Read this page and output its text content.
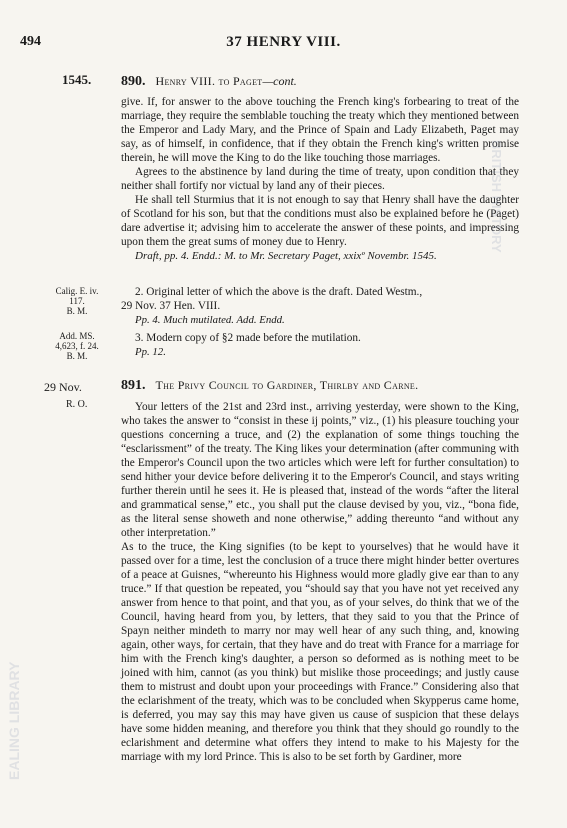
494	37 HENRY VIII.
1545. 890. Henry VIII. to Paget—cont.

give. If, for answer to the above touching the French king's forbearing to treat of the marriage, they require the semblable touching the treaty which they mentioned between the Emperor and Lady Mary, and the Prince of Spain and Lady Elizabeth, Paget may say, as of himself, in confidence, that if they obtain the French king's written promise therein, he will move the King to do the like touching those marriages.

Agrees to the abstinence by land during the time of treaty, upon condition that they neither shall fortify nor victual by land any of their pieces.

He shall tell Sturmius that it is not enough to say that Henry shall have the daughter of Scotland for his son, but that the conditions must also be explained before he (Paget) dare advertise it; advising him to accelerate the answer of these points, and impressing upon them the great sums of money due to Henry.

Draft, pp. 4. Endd.: M. to Mr. Secretary Paget, xxixº Novembr. 1545.

Calig. E. iv.
117.
B. M.
2. Original letter of which the above is the draft. Dated Westm.,
29 Nov. 37 Hen. VIII.
Pp. 4. Much mutilated. Add. Endd.
Add. MS.
4,623, f. 24.
B. M.
3. Modern copy of §2 made before the mutilation.
Pp. 12.
29 Nov.
R. O.
891. The Privy Council to Gardiner, Thirlby and Carne.

Your letters of the 21st and 23rd inst., arriving yesterday, were shown to the King, who takes the answer to “consist in these ij points,” viz., (1) his pleasure touching your questions concerning a truce, and (2) the explanation of some things touching the “esclarissment” of the treaty. The King likes your determination (after communing with the Emperor's Council upon the two articles which were left for further consultation) to send hither your device before delivering it to the Emperor's Council, and stays writing further therein until he sees it. He is pleased that, instead of the words “after the literal and grammatical sense,” etc., you shall put the clause devised by you, viz., “bona fide, as the literal sense showeth and none otherwise,” adding thereunto “and without any other interpretation.”

As to the truce, the King signifies (to be kept to yourselves) that he would have it passed over for a time, lest the conclusion of a truce there might hinder better overtures of a peace at Guisnes, “whereunto his Highness would more gladly give ear than to any truce.” If that question be repeated, you “should say that you have not yet received any answer from hence to that point, and that you, as of your selves, do think that we of the Council, having heard from you, by letters, that they said to you that the Prince of Spayn neither mindeth to marry nor may well hear of any such thing, and, knowing again, other ways, for certain, that they have and do treat with France for a marriage for him with the French king's daughter, a person so deformed as is nothing meet to be joined with him, cannot (as you think) but mislike those proceedings; and justly cause them to mistrust and doubt upon your proceedings with France.” Considering also that the eclarishment of the treaty, which was to be concluded when Skypperus came home, is deferred, you may say this may have given us cause of suspicion that these delays have some hidden meaning, and therefore you think that they should go roundly to the eclarishment and determine what offers they intend to make to his Majesty for the marriage with my lord Prince. This is also to be set forth by Gardiner, more

EALING LIBRARY
BRITISH HISTORY
